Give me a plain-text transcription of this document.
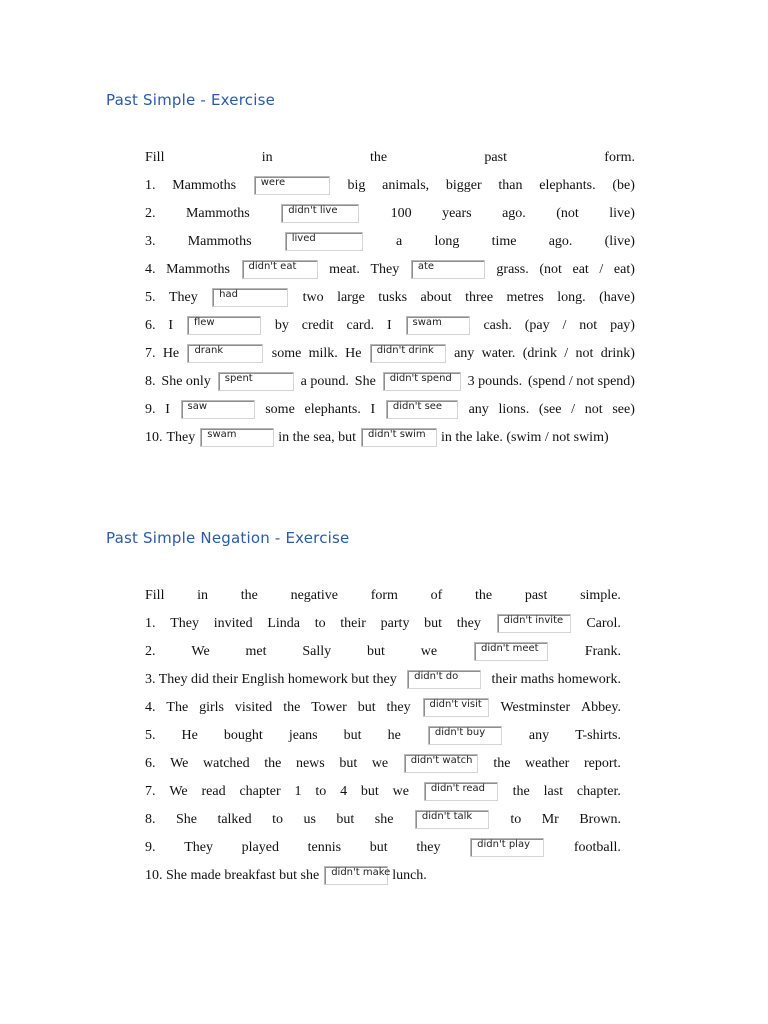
Past Simple - Exercise
Fill	in	the	past	form.
1. Mammoths were	big animals, bigger than elephants. (be)
2. Mammoths	didn't live	100 years ago. (not live)
3. Mammoths	lived	a long time ago. (live)
4. Mammoths didn't eat meat. They ate	grass. (not eat / eat)
5. They had	two large tusks about three metres long. (have)
6. I flew	by credit card. I swam	cash. (pay / not pay)
7. He drank	some milk. He didn't drink any water. (drink / not drink)
8. She only spent	a pound. She didn't spend 3 pounds. (spend / not spend)
9. I saw	some elephants. I didn't see any lions. (see / not see)
10. They swam	in the sea, but didn't swim in the lake. (swim / not swim)
Past Simple Negation - Exercise
Fill in the negative form of the past simple.
1. They invited Linda to their party but they didn't invite Carol.
2.	We	met	Sally	but	we	didn't meet	Frank.
3. They did their English homework but they didn't do their maths homework.
4. The girls visited the Tower but they didn't visit Westminster Abbey.
5. He bought jeans but he	didn't buy	any T-shirts.
6. We watched the news but we didn't watch the weather report.
7. We read chapter 1 to 4 but we didn't read the last chapter.
8. She talked to us but she	didn't talk	to Mr Brown.
9. They played tennis but they	didn't play	football.
10. She made breakfast but she didn't make lunch.
